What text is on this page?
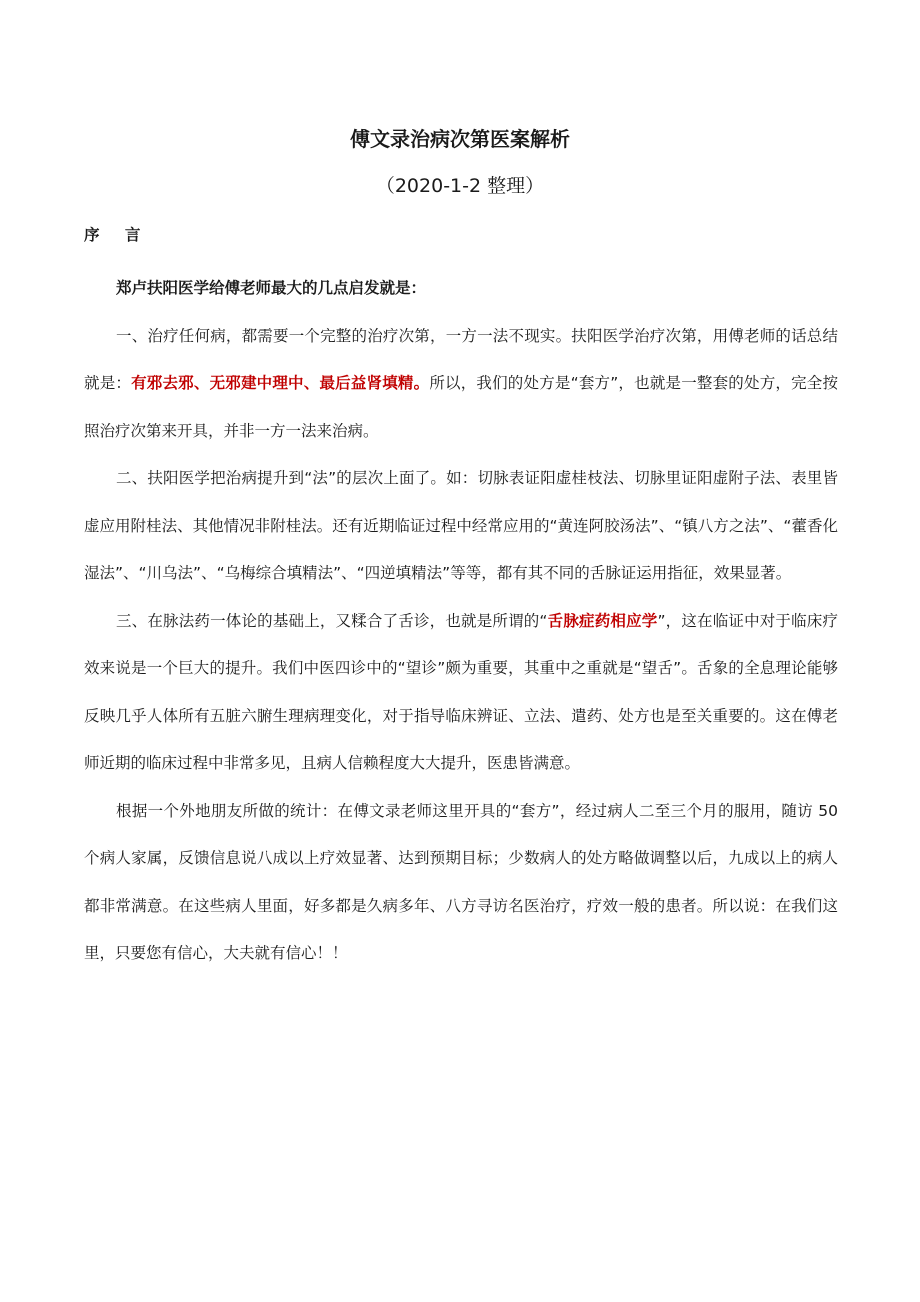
傅文录治病次第医案解析
（2020-1-2 整理）
序 言

郑卢扶阳医学给傅老师最大的几点启发就是：

一、治疗任何病，都需要一个完整的治疗次第，一方一法不现实。扶阳医学治疗次第，用傅老师的话总结就是：有邪去邪、无邪建中理中、最后益肾填精。所以，我们的处方是“套方”，也就是一整套的处方，完全按照治疗次第来开具，并非一方一法来治病。

二、扶阳医学把治病提升到“法”的层次上面了。如：切脉表证阳虚桂枝法、切脉里证阳虚附子法、表里皆虚应用附桂法、其他情况非附桂法。还有近期临证过程中经常应用的“黄连阿胶汤法”、“镇八方之法”、“藿香化湿法”、“川乌法”、“乌梅综合填精法”、“四逆填精法”等等，都有其不同的舌脉证运用指征，效果显著。

三、在脉法药一体论的基础上，又糅合了舌诊，也就是所谓的“舌脉症药相应学”，这在临证中对于临床疗效来说是一个巨大的提升。我们中医四诊中的“望诊”颇为重要，其重中之重就是“望舌”。舌象的全息理论能够反映几乎人体所有五脏六腑生理病理变化，对于指导临床辨证、立法、遣药、处方也是至关重要的。这在傅老师近期的临床过程中非常多见，且病人信赖程度大大提升，医患皆满意。

根据一个外地朋友所做的统计：在傅文录老师这里开具的“套方”，经过病人二至三个月的服用，随访 50 个病人家属，反馈信息说八成以上疗效显著、达到预期目标；少数病人的处方略做调整以后，九成以上的病人都非常满意。在这些病人里面，好多都是久病多年、八方寻访名医治疗，疗效一般的患者。所以说：在我们这里，只要您有信心，大夫就有信心！！
